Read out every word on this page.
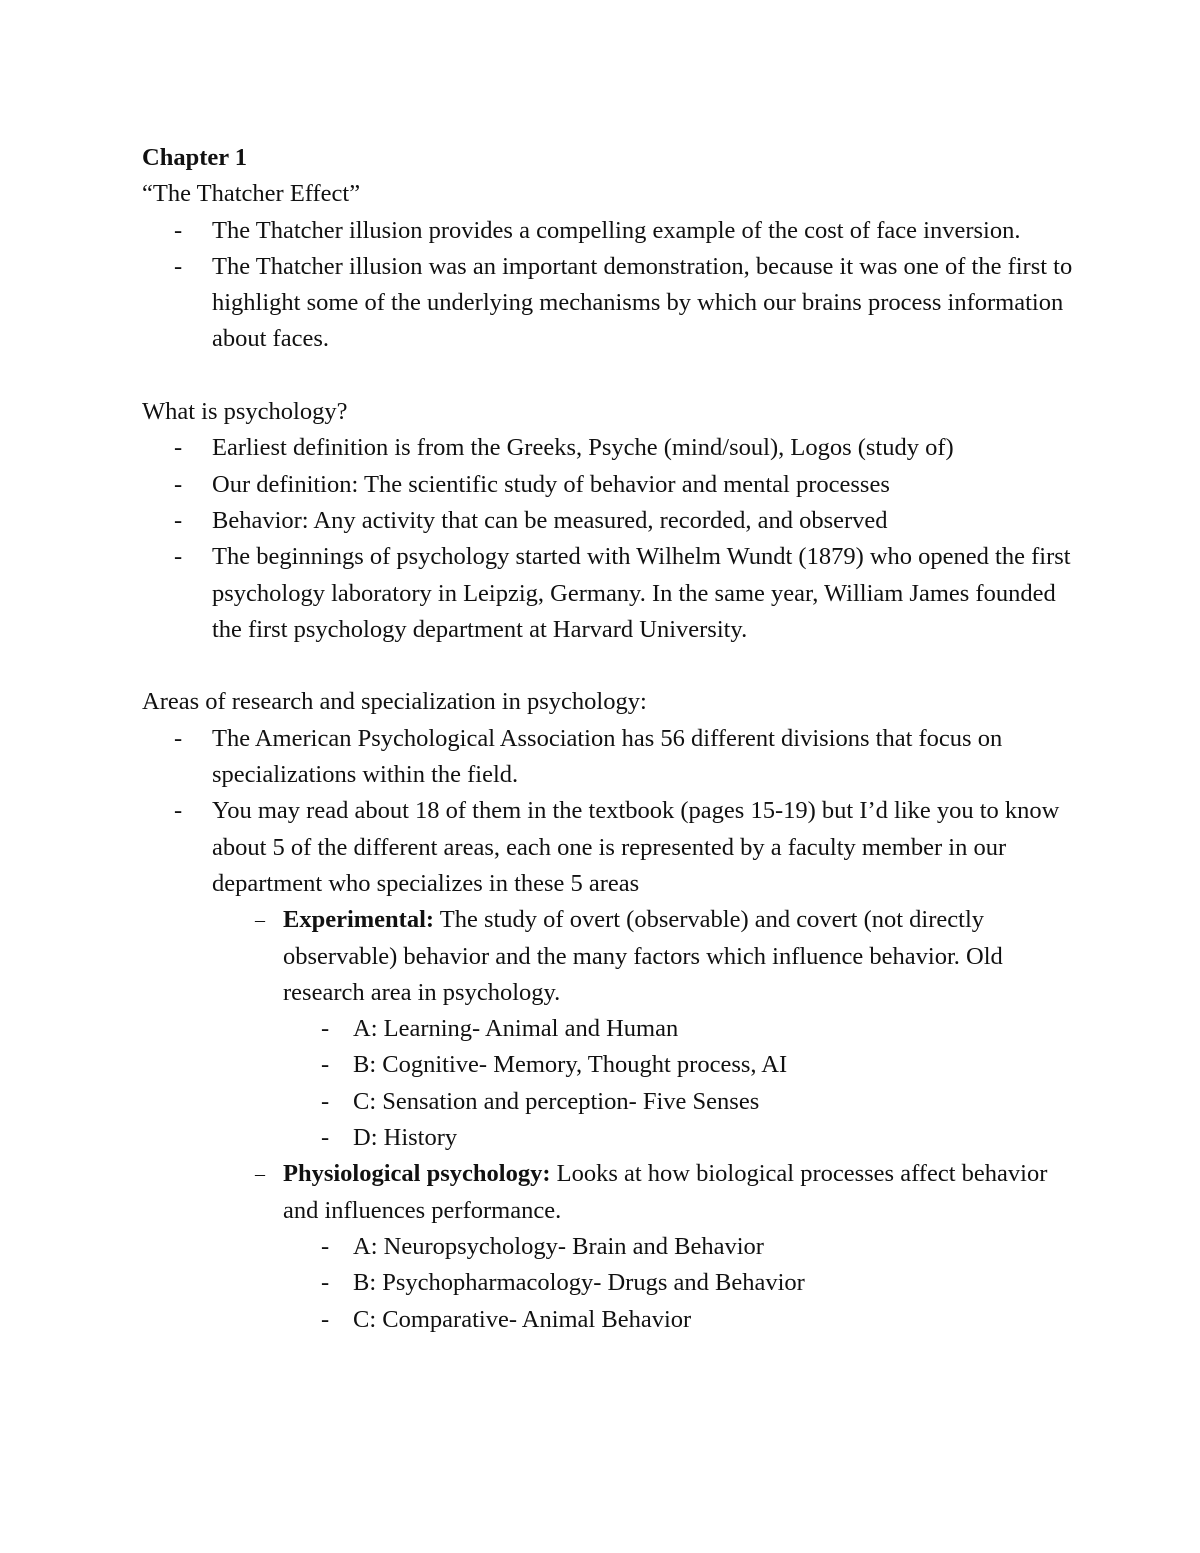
Chapter 1

“The Thatcher Effect”

- The Thatcher illusion provides a compelling example of the cost of face inversion.
- The Thatcher illusion was an important demonstration, because it was one of the first to highlight some of the underlying mechanisms by which our brains process information about faces.

What is psychology?

- Earliest definition is from the Greeks, Psyche (mind/soul), Logos (study of)
- Our definition: The scientific study of behavior and mental processes
- Behavior: Any activity that can be measured, recorded, and observed
- The beginnings of psychology started with Wilhelm Wundt (1879) who opened the first psychology laboratory in Leipzig, Germany. In the same year, William James founded the first psychology department at Harvard University.

Areas of research and specialization in psychology:

- The American Psychological Association has 56 different divisions that focus on specializations within the field.
- You may read about 18 of them in the textbook (pages 15-19) but I’d like you to know about 5 of the different areas, each one is represented by a faculty member in our department who specializes in these 5 areas
– Experimental: The study of overt (observable) and covert (not directly observable) behavior and the many factors which influence behavior. Old research area in psychology.
- A: Learning- Animal and Human
- B: Cognitive- Memory, Thought process, AI
- C: Sensation and perception- Five Senses
- D: History
– Physiological psychology: Looks at how biological processes affect behavior and influences performance.
- A: Neuropsychology- Brain and Behavior
- B: Psychopharmacology- Drugs and Behavior
- C: Comparative- Animal Behavior
